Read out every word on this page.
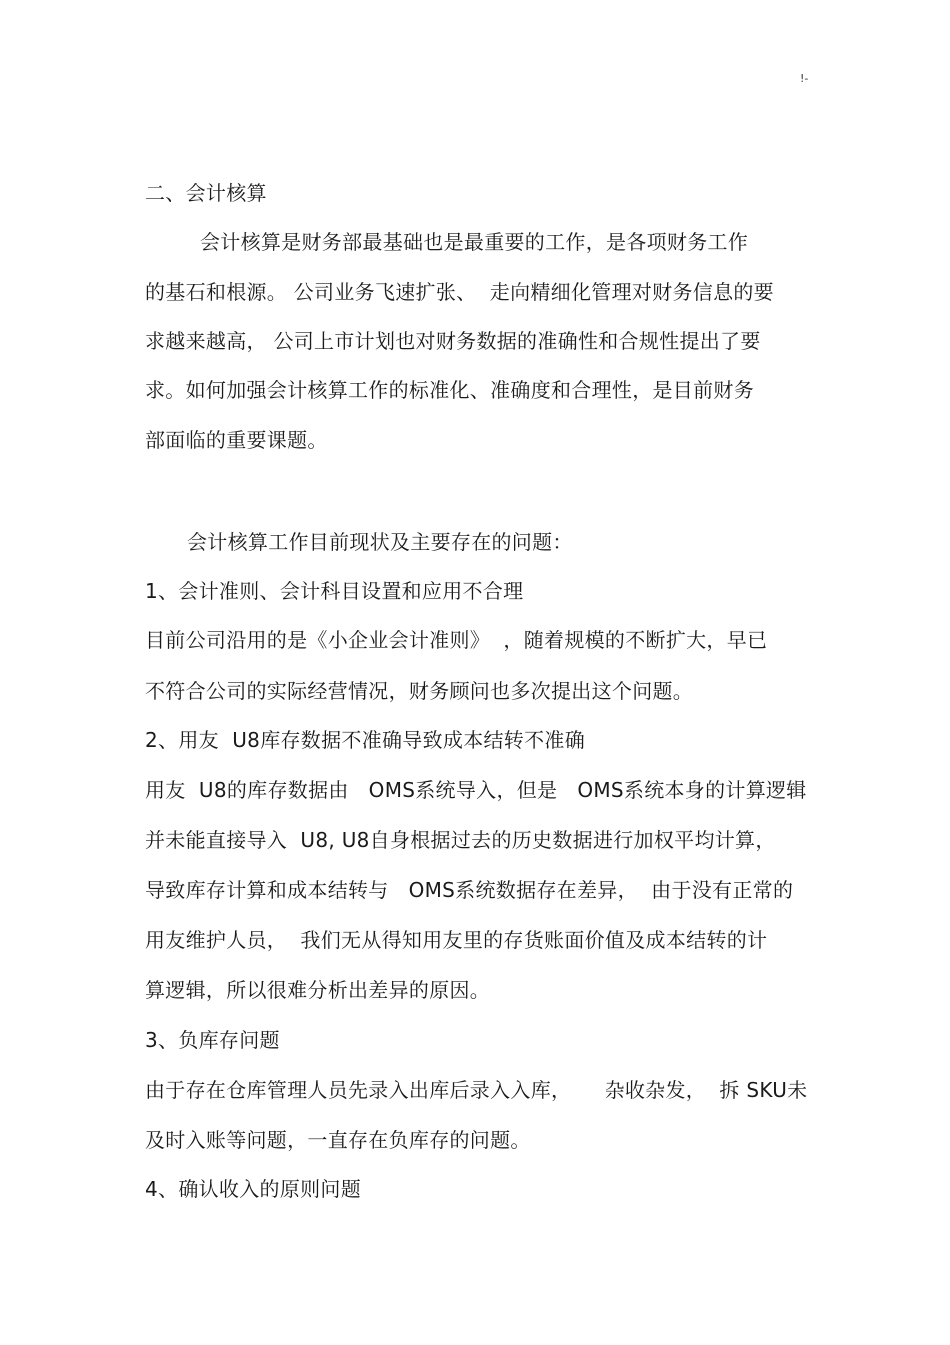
!-
二、会计核算
会计核算是财务部最基础也是最重要的工作，是各项财务工作
的基石和根源。 公司业务飞速扩张、  走向精细化管理对财务信息的要
求越来越高， 公司上市计划也对财务数据的准确性和合规性提出了要
求。如何加强会计核算工作的标准化、准确度和合理性，是目前财务
部面临的重要课题。
会计核算工作目前现状及主要存在的问题：
1、会计准则、会计科目设置和应用不合理
目前公司沿用的是《小企业会计准则》  ，随着规模的不断扩大，早已
不符合公司的实际经营情况，财务顾问也多次提出这个问题。
2、用友  U8库存数据不准确导致成本结转不准确
用友  U8的库存数据由   OMS系统导入，但是   OMS系统本身的计算逻辑
并未能直接导入  U8, U8自身根据过去的历史数据进行加权平均计算，
导致库存计算和成本结转与   OMS系统数据存在差异，  由于没有正常的
用友维护人员，  我们无从得知用友里的存货账面价值及成本结转的计
算逻辑，所以很难分析出差异的原因。
3、负库存问题
由于存在仓库管理人员先录入出库后录入入库，     杂收杂发，  拆 SKU未
及时入账等问题，一直存在负库存的问题。
4、确认收入的原则问题
